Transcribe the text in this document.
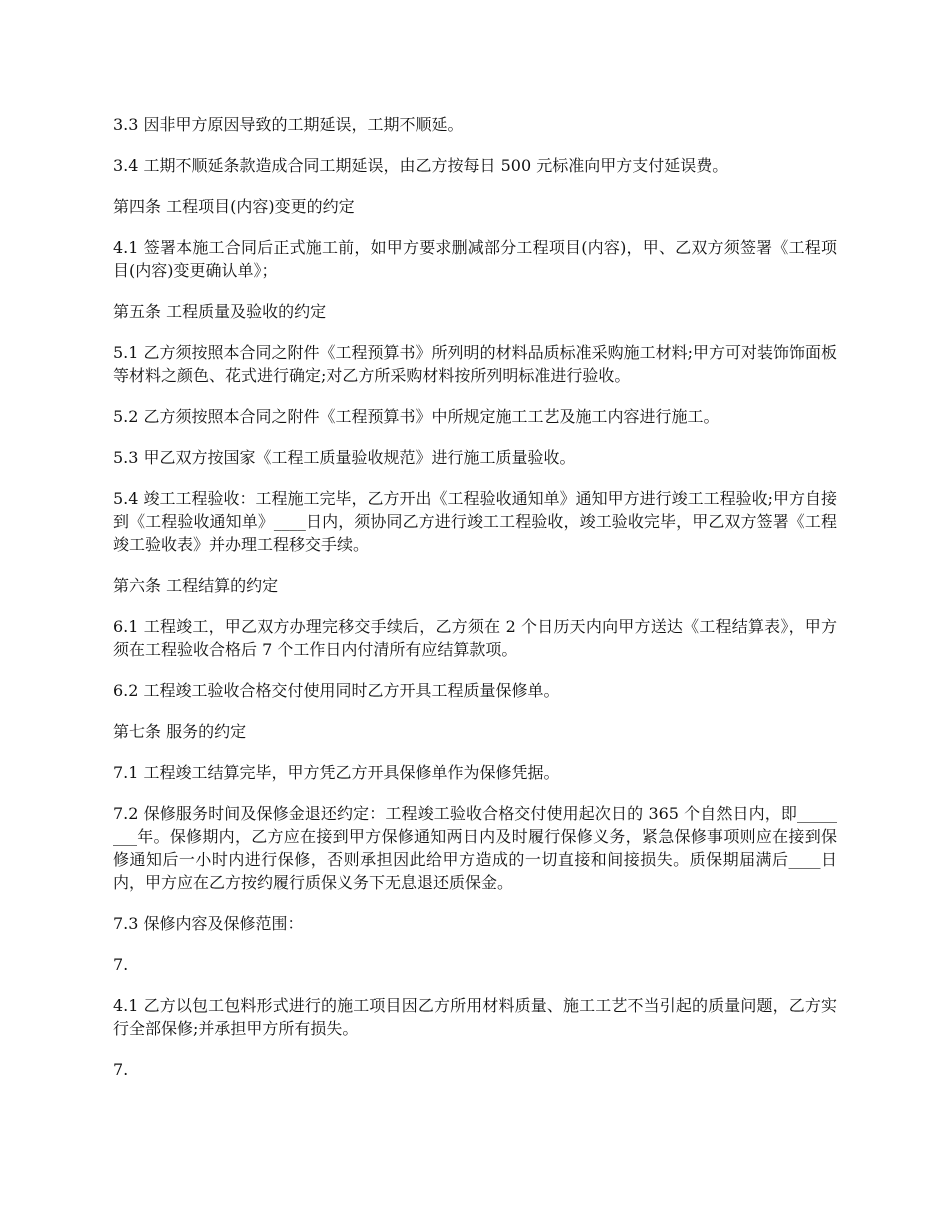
3.3 因非甲方原因导致的工期延误，工期不顺延。

3.4 工期不顺延条款造成合同工期延误，由乙方按每日 500 元标准向甲方支付延误费。

第四条 工程项目(内容)变更的约定

4.1 签署本施工合同后正式施工前，如甲方要求删减部分工程项目(内容)，甲、乙双方须签署《工程项目(内容)变更确认单》；

第五条 工程质量及验收的约定

5.1 乙方须按照本合同之附件《工程预算书》所列明的材料品质标准采购施工材料;甲方可对装饰饰面板等材料之颜色、花式进行确定;对乙方所采购材料按所列明标准进行验收。

5.2 乙方须按照本合同之附件《工程预算书》中所规定施工工艺及施工内容进行施工。

5.3 甲乙双方按国家《工程工质量验收规范》进行施工质量验收。

5.4 竣工工程验收：工程施工完毕，乙方开出《工程验收通知单》通知甲方进行竣工工程验收;甲方自接到《工程验收通知单》____日内，须协同乙方进行竣工工程验收，竣工验收完毕，甲乙双方签署《工程竣工验收表》并办理工程移交手续。

第六条 工程结算的约定

6.1 工程竣工，甲乙双方办理完移交手续后，乙方须在 2 个日历天内向甲方送达《工程结算表》，甲方须在工程验收合格后 7 个工作日内付清所有应结算款项。

6.2 工程竣工验收合格交付使用同时乙方开具工程质量保修单。

第七条 服务的约定

7.1 工程竣工结算完毕，甲方凭乙方开具保修单作为保修凭据。

7.2 保修服务时间及保修金退还约定：工程竣工验收合格交付使用起次日的 365 个自然日内，即________年。保修期内，乙方应在接到甲方保修通知两日内及时履行保修义务，紧急保修事项则应在接到保修通知后一小时内进行保修，否则承担因此给甲方造成的一切直接和间接损失。质保期届满后____日内，甲方应在乙方按约履行质保义务下无息退还质保金。

7.3 保修内容及保修范围：

7.

4.1 乙方以包工包料形式进行的施工项目因乙方所用材料质量、施工工艺不当引起的质量问题，乙方实行全部保修;并承担甲方所有损失。

7.
